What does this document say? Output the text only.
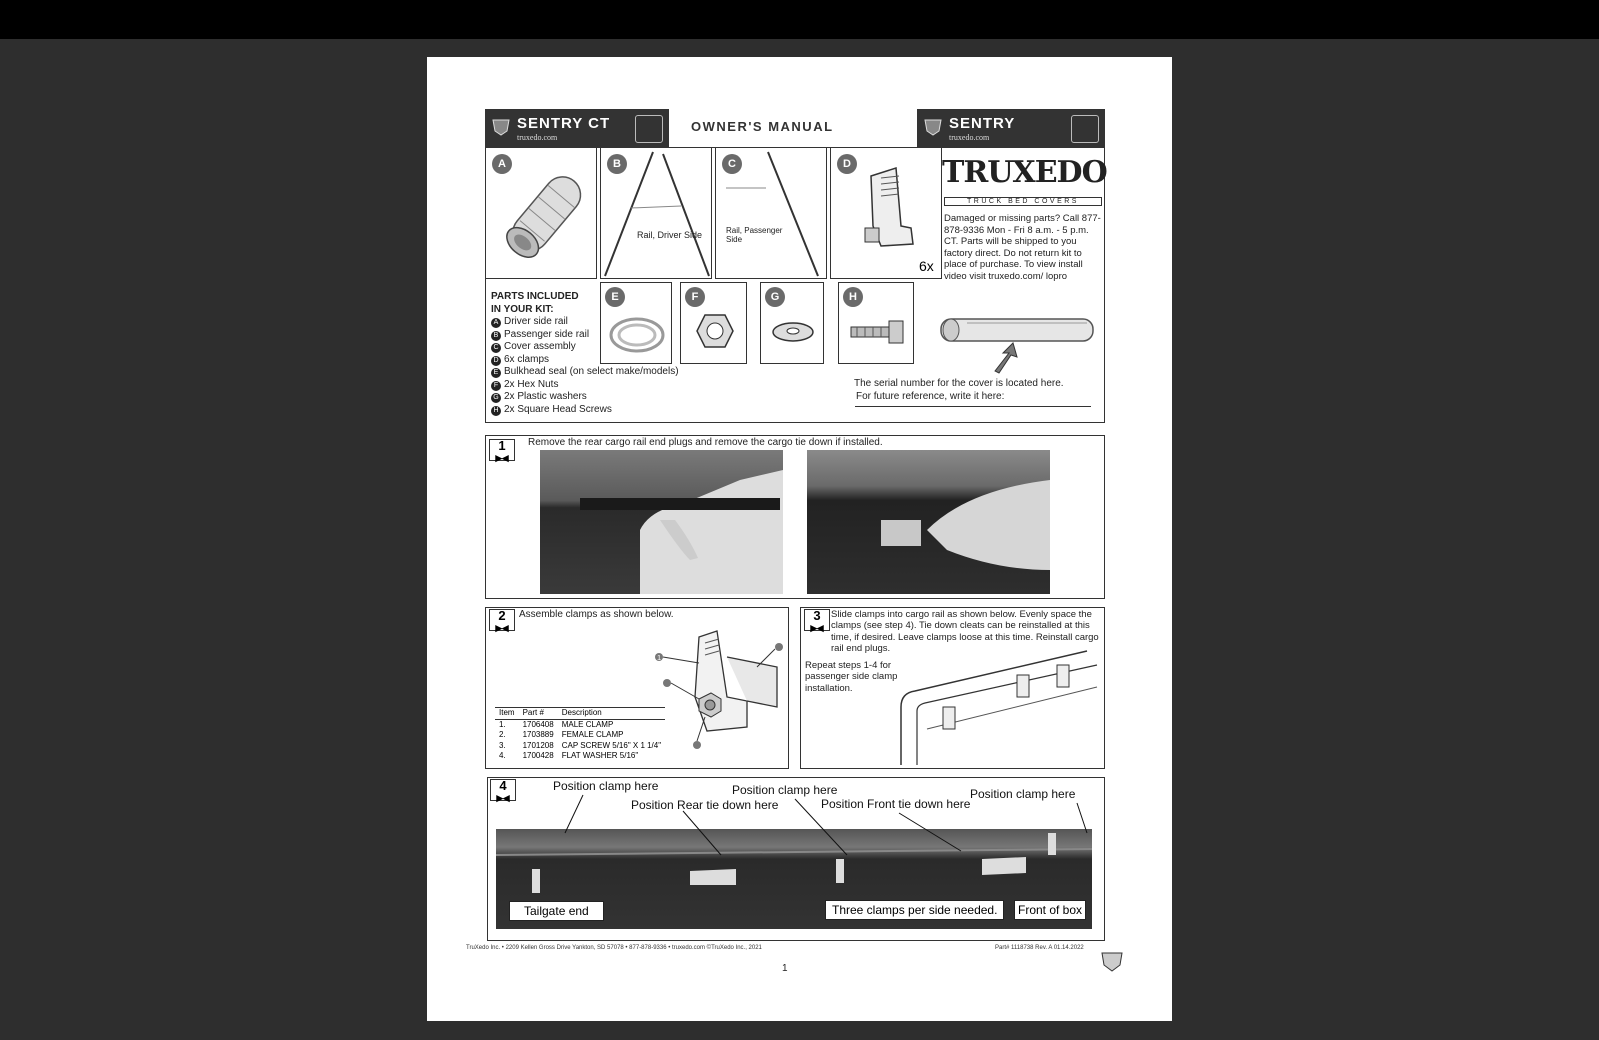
SENTRY CT
truxedo.com
OWNER'S MANUAL	SENTRY
truxedo.com
A	B
Rail, Driver Side
C
Rail, Passenger Side
D
6x
TRUXEDO
TRUCK BED COVERS
Damaged or missing parts? Call 877-878-9336 Mon - Fri 8 a.m. - 5 p.m. CT. Parts will be shipped to you factory direct. Do not return kit to place of purchase. To view install video visit truxedo.com/ lopro
E	F	G	H
PARTS INCLUDED IN YOUR KIT:
A Driver side rail
B Passenger side rail
C Cover assembly
D 6x clamps
E Bulkhead seal (on select make/models)
F 2x Hex Nuts
G 2x Plastic washers
H 2x Square Head Screws
The serial number for the cover is located here.
For future reference, write it here:
1
▸◂
Remove the rear cargo rail end plugs and remove the cargo tie down if installed.
2
▸◂
Assemble clamps as shown below.
1
Item	Part #	Description
1.	1706408	MALE CLAMP
2.	1703889	FEMALE CLAMP
3.	1701208	CAP SCREW 5/16" X 1 1/4"
4.	1700428	FLAT WASHER 5/16"
3
▸◂
Slide clamps into cargo rail as shown below. Evenly space the clamps (see step 4). Tie down cleats can be reinstalled at this time, if desired. Leave clamps loose at this time. Reinstall cargo rail end plugs.
Repeat steps 1-4 for passenger side clamp installation.
4
▸◂
Position clamp here	Position clamp here	Position clamp here
Position Rear tie down here	Position Front tie down here
Tailgate end	Three clamps per side needed.	Front of box
TruXedo Inc. • 2209 Kellen Gross Drive Yankton, SD 57078 • 877-878-9336 • truxedo.com ©TruXedo Inc., 2021	Part# 1118738 Rev. A 01.14.2022
1
